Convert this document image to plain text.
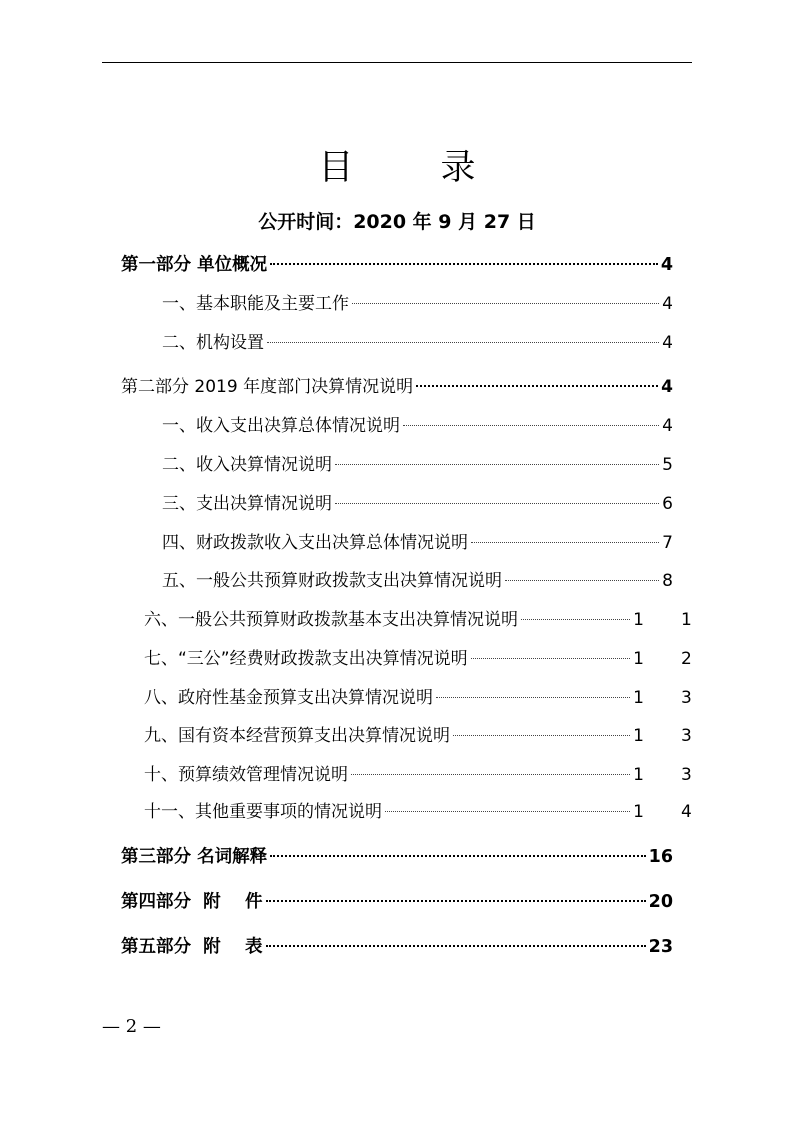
目 录
公开时间：2020 年 9 月 27 日
第一部分 单位概况	4
一、基本职能及主要工作	4
二、机构设置	4
第二部分 2019 年度部门决算情况说明	4
一、收入支出决算总体情况说明	4
二、收入决算情况说明	5
三、支出决算情况说明	6
四、财政拨款收入支出决算总体情况说明	7
五、一般公共预算财政拨款支出决算情况说明	8
六、一般公共预算财政拨款基本支出决算情况说明	1 1
七、“三公”经费财政拨款支出决算情况说明	1 2
八、政府性基金预算支出决算情况说明	1 3
九、国有资本经营预算支出决算情况说明	1 3
十、预算绩效管理情况说明	1 3
十一、其他重要事项的情况说明	1 4
第三部分 名词解释	16
第四部分  附    件	20
第五部分  附    表	23
— 2 —
